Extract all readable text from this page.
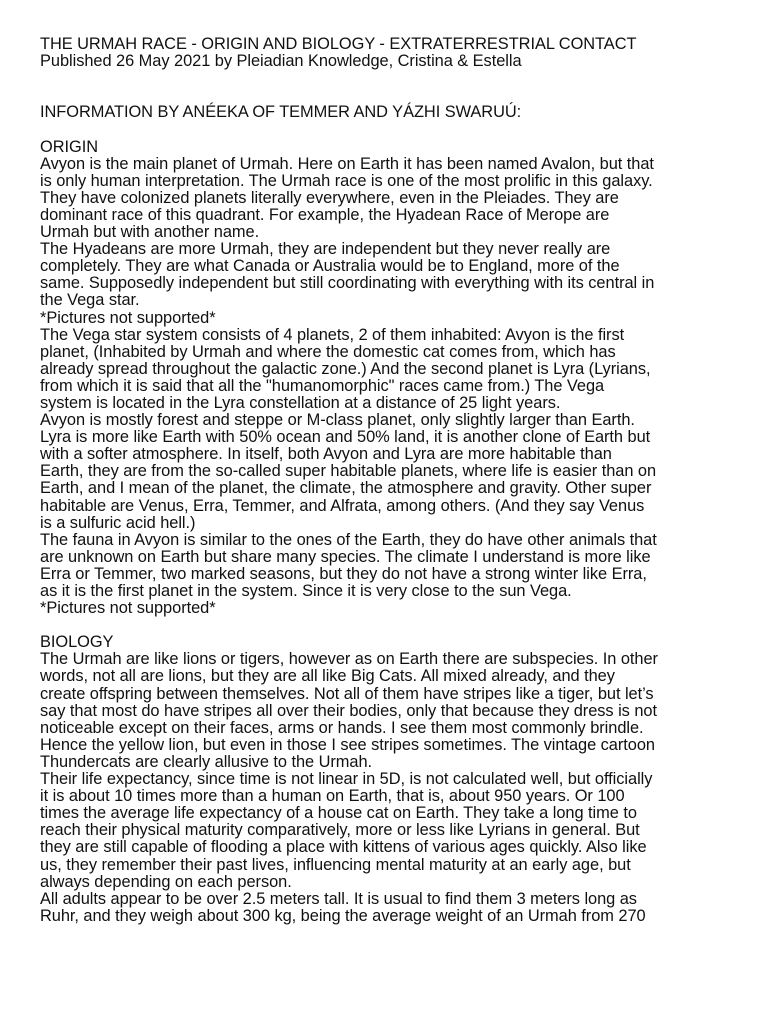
THE URMAH RACE - ORIGIN AND BIOLOGY - EXTRATERRESTRIAL CONTACT
Published 26 May 2021 by Pleiadian Knowledge, Cristina & Estella
INFORMATION BY ANÉEKA OF TEMMER AND YÁZHI SWARUÚ:
ORIGIN
Avyon is the main planet of Urmah. Here on Earth it has been named Avalon, but that
is only human interpretation. The Urmah race is one of the most prolific in this galaxy.
They have colonized planets literally everywhere, even in the Pleiades. They are
dominant race of this quadrant. For example, the Hyadean Race of Merope are
Urmah but with another name.
The Hyadeans are more Urmah, they are independent but they never really are
completely. They are what Canada or Australia would be to England, more of the
same. Supposedly independent but still coordinating with everything with its central in
the Vega star.
*Pictures not supported*
The Vega star system consists of 4 planets, 2 of them inhabited: Avyon is the first
planet, (Inhabited by Urmah and where the domestic cat comes from, which has
already spread throughout the galactic zone.) And the second planet is Lyra (Lyrians,
from which it is said that all the "humanomorphic" races came from.) The Vega
system is located in the Lyra constellation at a distance of 25 light years.
Avyon is mostly forest and steppe or M-class planet, only slightly larger than Earth.
Lyra is more like Earth with 50% ocean and 50% land, it is another clone of Earth but
with a softer atmosphere. In itself, both Avyon and Lyra are more habitable than
Earth, they are from the so-called super habitable planets, where life is easier than on
Earth, and I mean of the planet, the climate, the atmosphere and gravity. Other super
habitable are Venus, Erra, Temmer, and Alfrata, among others. (And they say Venus
is a sulfuric acid hell.)
The fauna in Avyon is similar to the ones of the Earth, they do have other animals that
are unknown on Earth but share many species. The climate I understand is more like
Erra or Temmer, two marked seasons, but they do not have a strong winter like Erra,
as it is the first planet in the system. Since it is very close to the sun Vega.
*Pictures not supported*
BIOLOGY
The Urmah are like lions or tigers, however as on Earth there are subspecies. In other
words, not all are lions, but they are all like Big Cats. All mixed already, and they
create offspring between themselves. Not all of them have stripes like a tiger, but let’s
say that most do have stripes all over their bodies, only that because they dress is not
noticeable except on their faces, arms or hands. I see them most commonly brindle.
Hence the yellow lion, but even in those I see stripes sometimes. The vintage cartoon
Thundercats are clearly allusive to the Urmah.
Their life expectancy, since time is not linear in 5D, is not calculated well, but officially
it is about 10 times more than a human on Earth, that is, about 950 years. Or 100
times the average life expectancy of a house cat on Earth. They take a long time to
reach their physical maturity comparatively, more or less like Lyrians in general. But
they are still capable of flooding a place with kittens of various ages quickly. Also like
us, they remember their past lives, influencing mental maturity at an early age, but
always depending on each person.
All adults appear to be over 2.5 meters tall. It is usual to find them 3 meters long as
Ruhr, and they weigh about 300 kg, being the average weight of an Urmah from 270
